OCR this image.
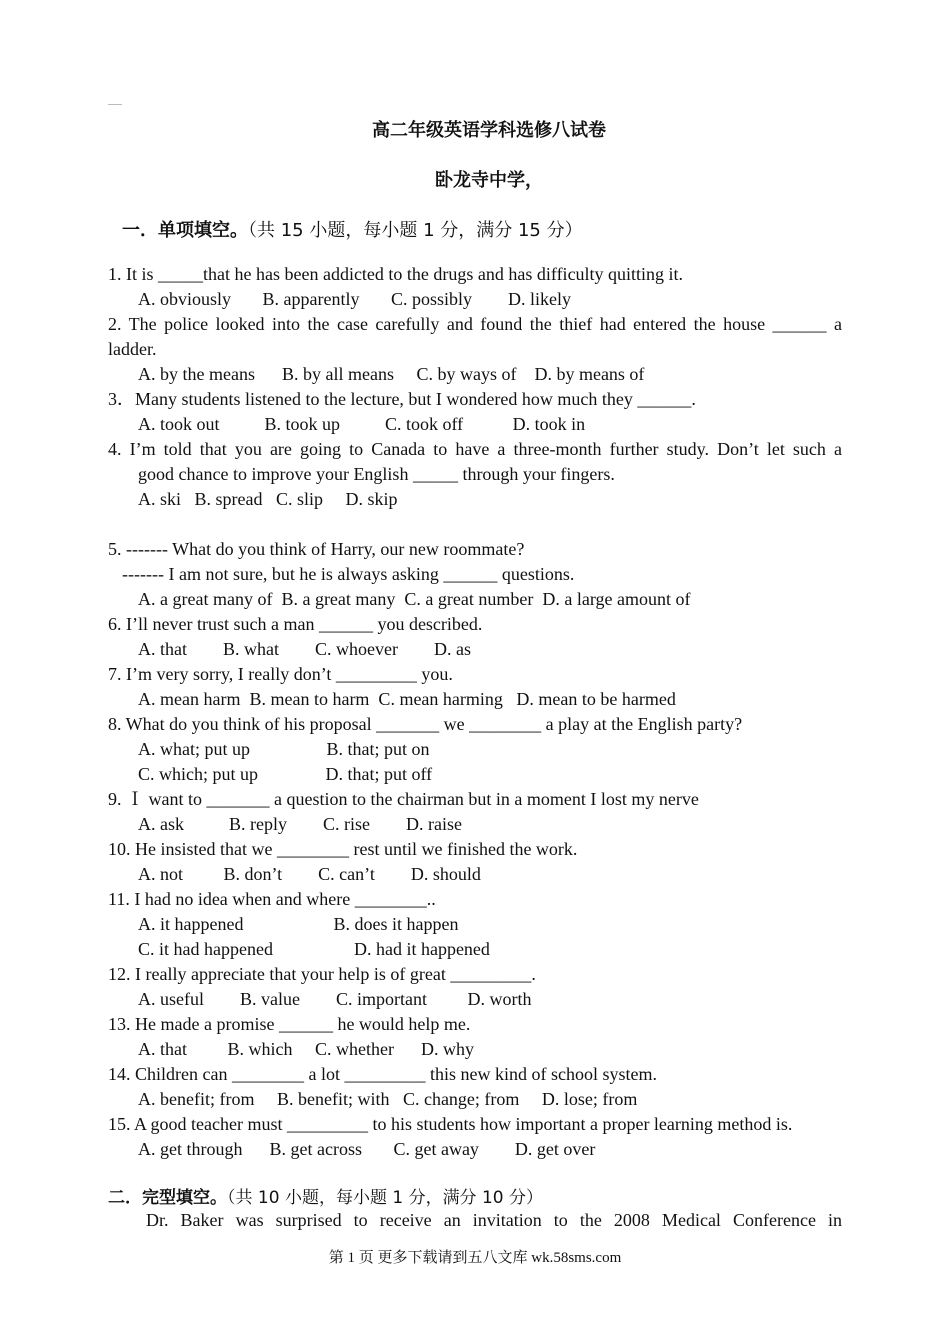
高二年级英语学科选修八试卷
卧龙寺中学，
一．单项填空。（共 15 小题，每小题 1 分，满分 15 分）
1. It is _____that he has been addicted to the drugs and has difficulty quitting it.
A. obviously       B. apparently       C. possibly        D. likely
2. The police looked into the case carefully and found the thief had entered the house ______ a
ladder.
A. by the means      B. by all means     C. by ways of    D. by means of
3．Many students listened to the lecture, but I wondered how much they ______.
A. took out          B. took up          C. took off           D. took in
4. I’m told that you are going to Canada to have a three-month further study. Don’t let such a
good chance to improve your English _____ through your fingers.
A. ski   B. spread   C. slip     D. skip
5. ------- What do you think of Harry, our new roommate?
------- I am not sure, but he is always asking ______ questions.
A. a great many of  B. a great many  C. a great number  D. a large amount of
6. I’ll never trust such a man ______ you described.
A. that        B. what        C. whoever        D. as
7. I’m very sorry, I really don’t _________ you.
A. mean harm  B. mean to harm  C. mean harming   D. mean to be harmed
8. What do you think of his proposal _______ we ________ a play at the English party?
A. what; put up                 B. that; put on
C. which; put up               D. that; put off
9. Ｉ want to _______ a question to the chairman but in a moment I lost my nerve
A. ask          B. reply        C. rise        D. raise
10. He insisted that we ________ rest until we finished the work.
A. not         B. don’t        C. can’t        D. should
11. I had no idea when and where ________..
A. it happened                    B. does it happen
C. it had happened                  D. had it happened
12. I really appreciate that your help is of great _________.
A. useful        B. value        C. important         D. worth
13. He made a promise ______ he would help me.
A. that         B. which     C. whether      D. why
14. Children can ________ a lot _________ this new kind of school system.
A. benefit; from     B. benefit; with   C. change; from     D. lose; from
15. A good teacher must _________ to his students how important a proper learning method is.
A. get through      B. get across       C. get away        D. get over
二．完型填空。（共 10 小题，每小题 1 分，满分 10 分）
Dr. Baker was surprised to receive an invitation to the 2008 Medical Conference in
第 1 页 更多下载请到五八文库 wk.58sms.com
